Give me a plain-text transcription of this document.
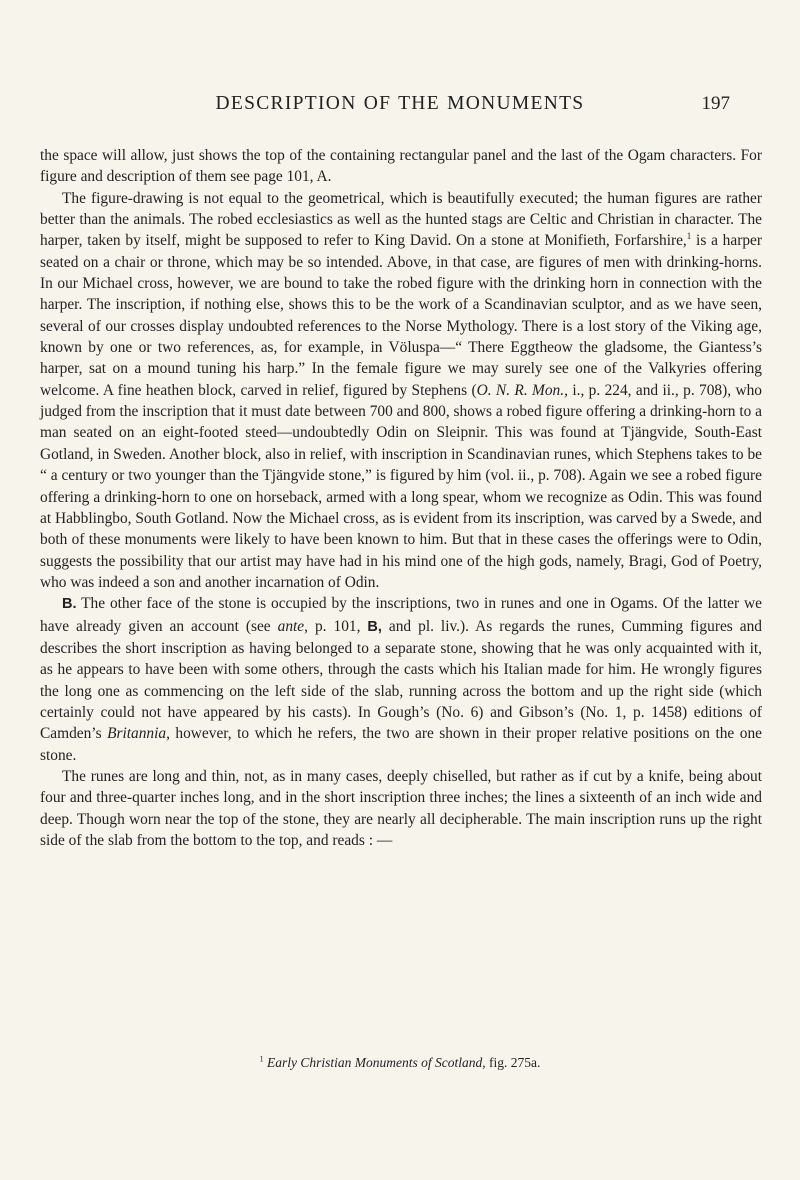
DESCRIPTION OF THE MONUMENTS	197

the space will allow, just shows the top of the containing rectangular panel and the last of the Ogam characters. For figure and description of them see page 101, A.

The figure-drawing is not equal to the geometrical, which is beautifully executed; the human figures are rather better than the animals. The robed ecclesiastics as well as the hunted stags are Celtic and Christian in character. The harper, taken by itself, might be supposed to refer to King David. On a stone at Monifieth, Forfarshire,$^1$ is a harper seated on a chair or throne, which may be so intended. Above, in that case, are figures of men with drinking-horns. In our Michael cross, however, we are bound to take the robed figure with the drinking horn in connection with the harper. The inscription, if nothing else, shows this to be the work of a Scandinavian sculptor, and as we have seen, several of our crosses display undoubted references to the Norse Mythology. There is a lost story of the Viking age, known by one or two references, as, for example, in Völuspa—“ There Eggtheow the gladsome, the Giantess’s harper, sat on a mound tuning his harp.” In the female figure we may surely see one of the Valkyries offering welcome. A fine heathen block, carved in relief, figured by Stephens (O. N. R. Mon., i., p. 224, and ii., p. 708), who judged from the inscription that it must date between 700 and 800, shows a robed figure offering a drinking-horn to a man seated on an eight-footed steed—undoubtedly Odin on Sleipnir. This was found at Tjängvide, South-East Gotland, in Sweden. Another block, also in relief, with inscription in Scandinavian runes, which Stephens takes to be “ a century or two younger than the Tjängvide stone,” is figured by him (vol. ii., p. 708). Again we see a robed figure offering a drinking-horn to one on horseback, armed with a long spear, whom we recognize as Odin. This was found at Habblingbo, South Gotland. Now the Michael cross, as is evident from its inscription, was carved by a Swede, and both of these monuments were likely to have been known to him. But that in these cases the offerings were to Odin, suggests the possibility that our artist may have had in his mind one of the high gods, namely, Bragi, God of Poetry, who was indeed a son and another incarnation of Odin.

B. The other face of the stone is occupied by the inscriptions, two in runes and one in Ogams. Of the latter we have already given an account (see ante, p. 101, B, and pl. liv.). As regards the runes, Cumming figures and describes the short inscription as having belonged to a separate stone, showing that he was only acquainted with it, as he appears to have been with some others, through the casts which his Italian made for him. He wrongly figures the long one as commencing on the left side of the slab, running across the bottom and up the right side (which certainly could not have appeared by his casts). In Gough’s (No. 6) and Gibson’s (No. 1, p. 1458) editions of Camden’s Britannia, however, to which he refers, the two are shown in their proper relative positions on the one stone.

The runes are long and thin, not, as in many cases, deeply chiselled, but rather as if cut by a knife, being about four and three-quarter inches long, and in the short inscription three inches; the lines a sixteenth of an inch wide and deep. Though worn near the top of the stone, they are nearly all decipherable. The main inscription runs up the right side of the slab from the bottom to the top, and reads : —

$^1$ Early Christian Monuments of Scotland, fig. 275a.
